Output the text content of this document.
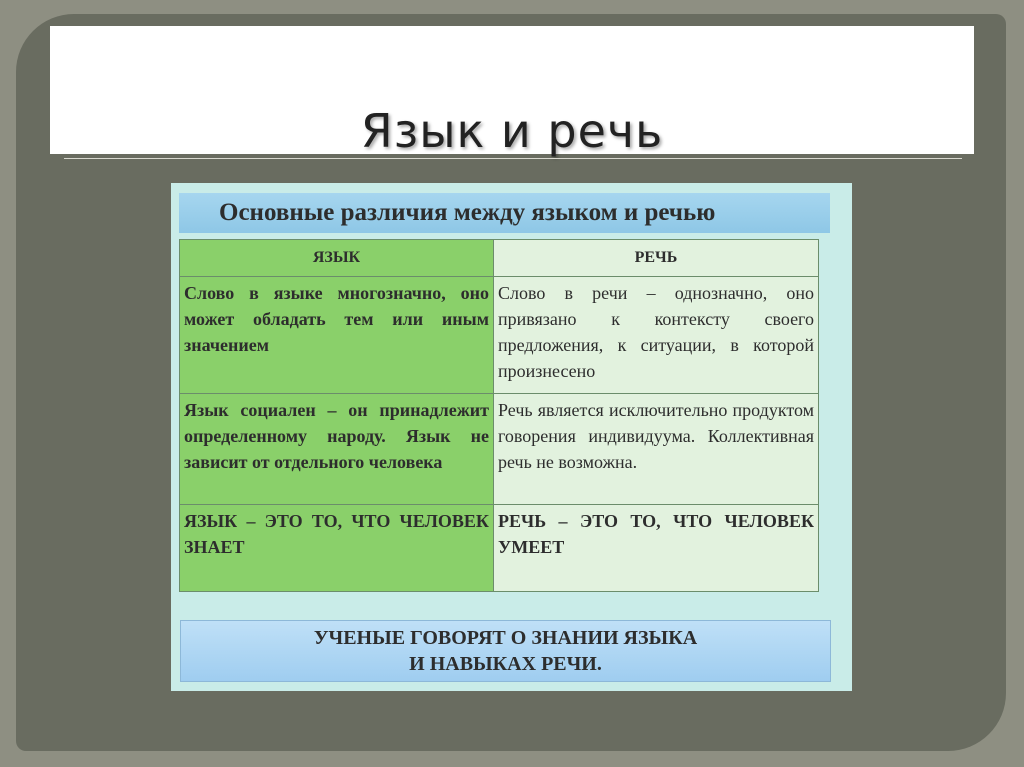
Язык и речь
Основные различия между языком и речью
ЯЗЫК	РЕЧЬ
Слово в языке многозначно, оно может обладать тем или иным значением	Слово в речи – однозначно, оно привязано к контексту своего предложения, к ситуации, в которой произнесено
Язык социален – он принадлежит определенному народу. Язык не зависит от отдельного человека	Речь является исключительно продуктом говорения индивидуума. Коллективная речь не возможна.
ЯЗЫК – ЭТО ТО, ЧТО ЧЕЛОВЕК ЗНАЕТ	РЕЧЬ – ЭТО ТО, ЧТО ЧЕЛОВЕК УМЕЕТ
УЧЕНЫЕ ГОВОРЯТ О ЗНАНИИ ЯЗЫКА
И НАВЫКАХ РЕЧИ.
